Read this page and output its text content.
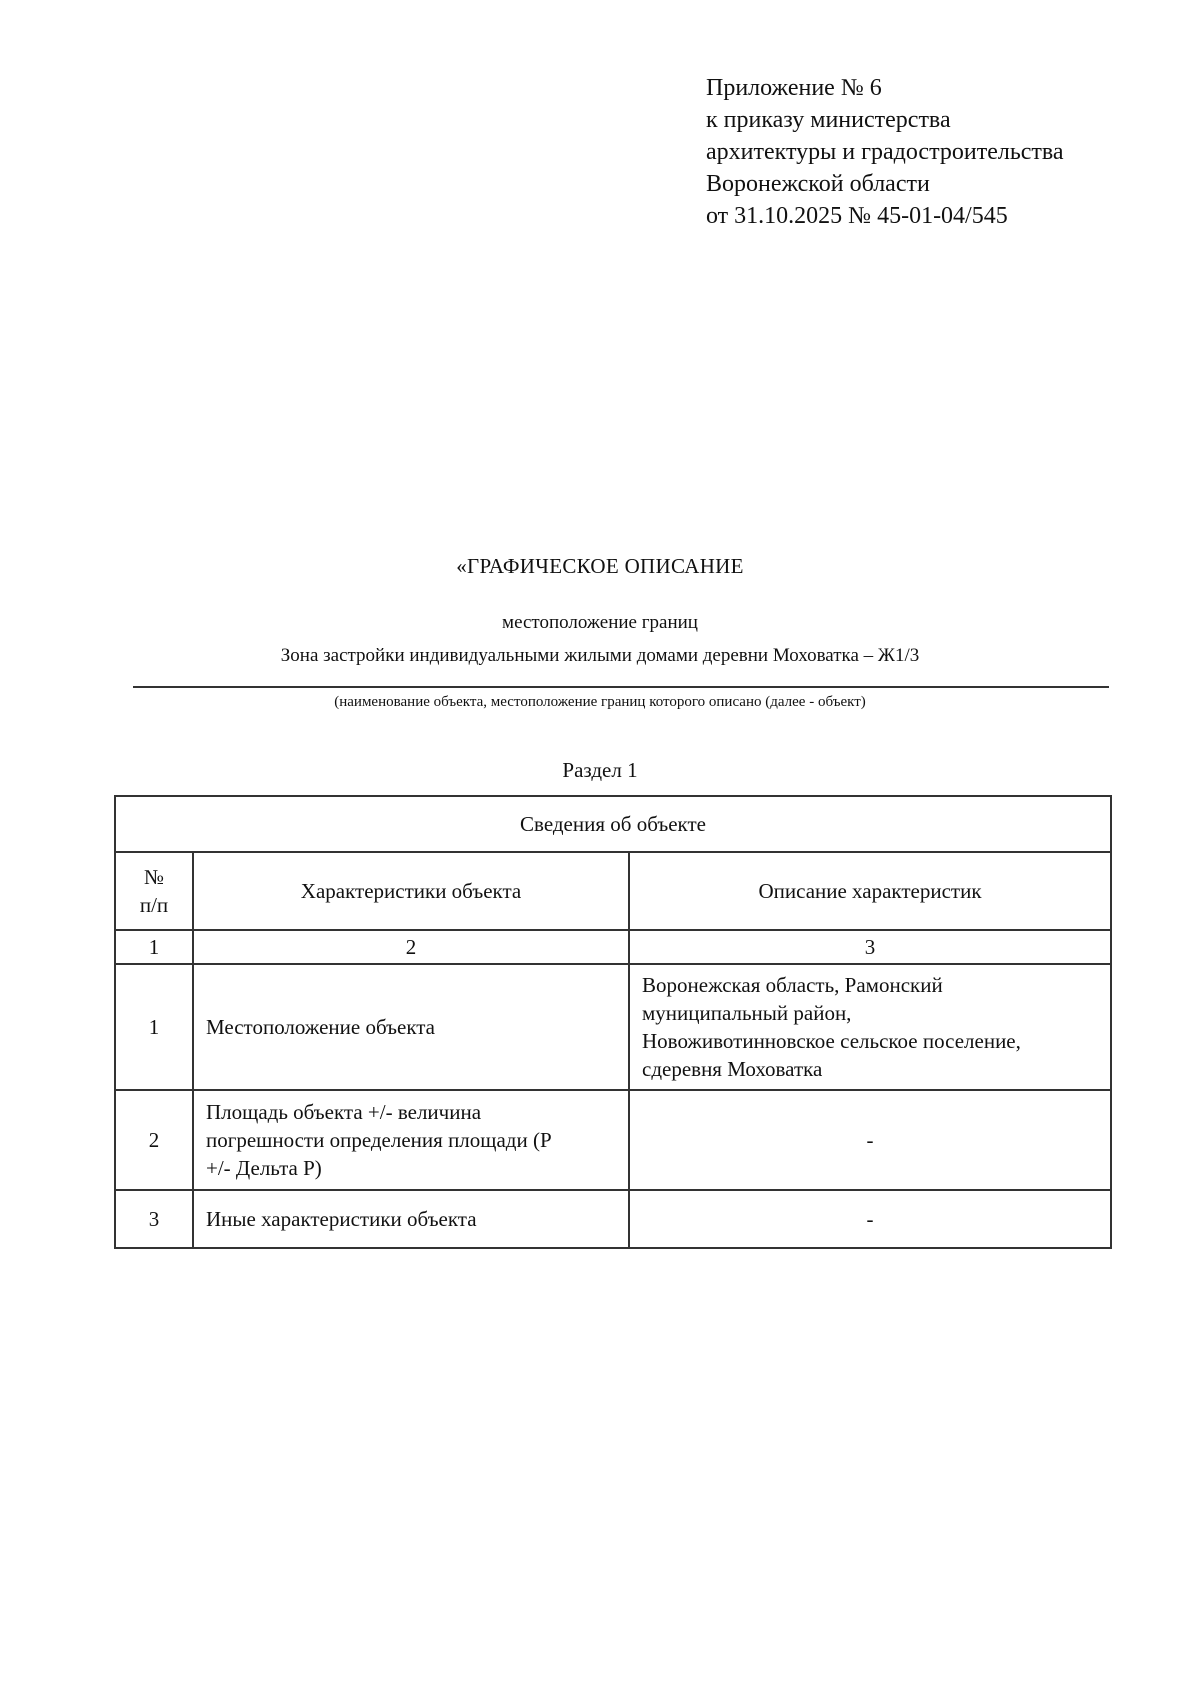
Приложение № 6
к приказу министерства
архитектуры и градостроительства
Воронежской области
от 31.10.2025 № 45-01-04/545
«ГРАФИЧЕСКОЕ ОПИСАНИЕ
местоположение границ
Зона застройки индивидуальными жилыми домами деревни Моховатка – Ж1/3
(наименование объекта, местоположение границ которого описано (далее - объект)
Раздел 1
Сведения об объекте		

№
п/п	Характеристики объекта	Описание характеристик
1	2	3
1	Местоположение объекта	Воронежская область, Рамонский
муниципальный район,
Новоживотинновское сельское поселение,
сдеревня Моховатка

2	Площадь объекта +/- величина
погрешности определения площади (Р
+/- Дельта Р)	-
3	Иные характеристики объекта	-
